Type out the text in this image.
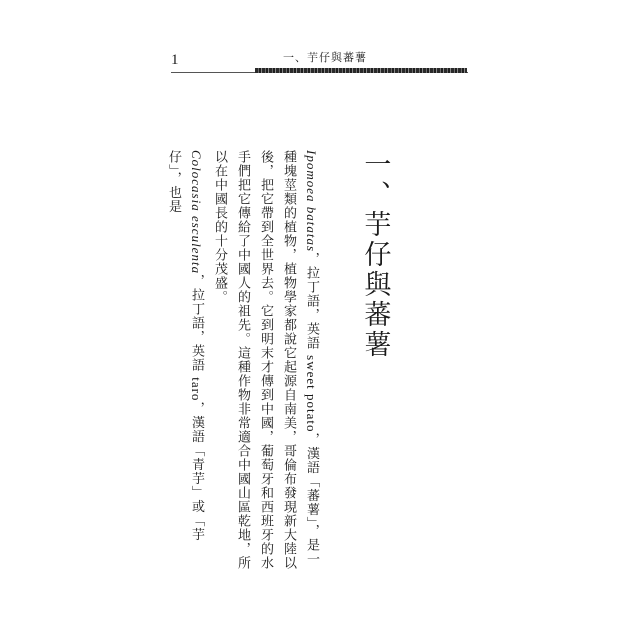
1	一、芋仔與蕃薯
一、芋仔與蕃薯

Ipomoea batatas，拉丁語，英語 sweet potato，漢語「蕃薯」，是一種塊莖類的植物，植物學家都說它起源自南美，哥倫布發現新大陸以後，把它帶到全世界去。它到明末才傳到中國，葡萄牙和西班牙的水手們把它傳給了中國人的祖先。這種作物非常適合中國山區乾地，所以在中國長的十分茂盛。

Colocasia esculenta，拉丁語，英語 taro，漢語「青芋」或「芋仔」，也是
